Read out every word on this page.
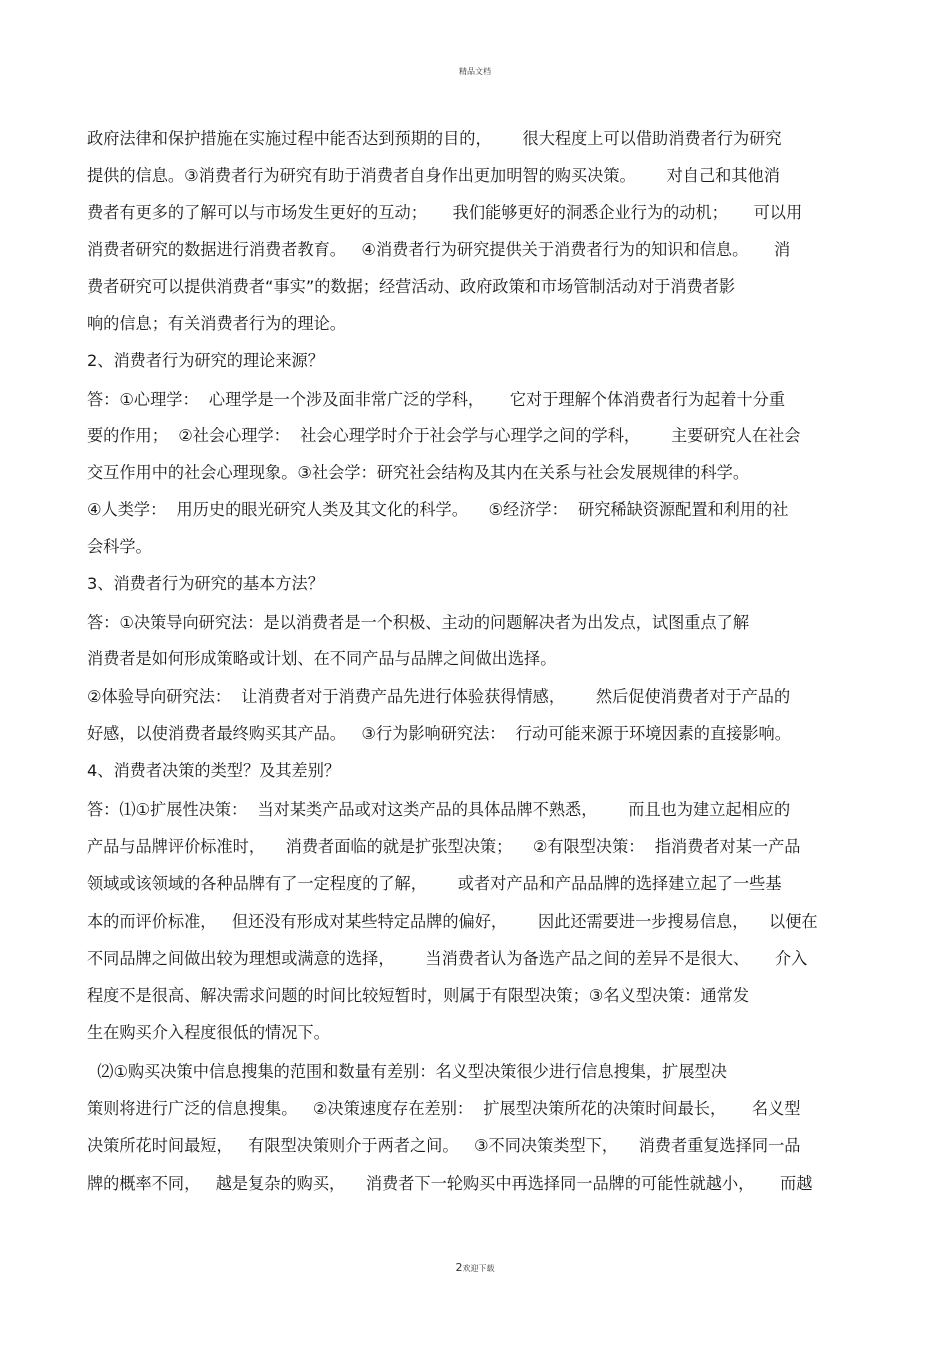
精品文档
政府法律和保护措施在实施过程中能否达到预期的目的，      很大程度上可以借助消费者行为研究
提供的信息。③消费者行为研究有助于消费者自身作出更加明智的购买决策。      对自己和其他消
费者有更多的了解可以与市场发生更好的互动；     我们能够更好的洞悉企业行为的动机；     可以用
消费者研究的数据进行消费者教育。   ④消费者行为研究提供关于消费者行为的知识和信息。     消
费者研究可以提供消费者“事实”的数据；经营活动、政府政策和市场管制活动对于消费者影
响的信息；有关消费者行为的理论。
2、消费者行为研究的理论来源？
答：①心理学：  心理学是一个涉及面非常广泛的学科，     它对于理解个体消费者行为起着十分重
要的作用；  ②社会心理学：  社会心理学时介于社会学与心理学之间的学科，      主要研究人在社会
交互作用中的社会心理现象。③社会学：研究社会结构及其内在关系与社会发展规律的科学。
④人类学：  用历史的眼光研究人类及其文化的科学。    ⑤经济学：  研究稀缺资源配置和利用的社
会科学。
3、消费者行为研究的基本方法？
答：①决策导向研究法：是以消费者是一个积极、主动的问题解决者为出发点，试图重点了解
消费者是如何形成策略或计划、在不同产品与品牌之间做出选择。
②体验导向研究法：  让消费者对于消费产品先进行体验获得情感，      然后促使消费者对于产品的
好感，以使消费者最终购买其产品。   ③行为影响研究法：  行动可能来源于环境因素的直接影响。
4、消费者决策的类型？及其差别？
答：⑴①扩展性决策：  当对某类产品或对这类产品的具体品牌不熟悉，      而且也为建立起相应的
产品与品牌评价标准时，    消费者面临的就是扩张型决策；    ②有限型决策：  指消费者对某一产品
领域或该领域的各种品牌有了一定程度的了解，      或者对产品和产品品牌的选择建立起了一些基
本的而评价标准，   但还没有形成对某些特定品牌的偏好，      因此还需要进一步搜易信息，    以便在
不同品牌之间做出较为理想或满意的选择，      当消费者认为备选产品之间的差异不是很大、     介入
程度不是很高、解决需求问题的时间比较短暂时，则属于有限型决策；③名义型决策：通常发
生在购买介入程度很低的情况下。
⑵①购买决策中信息搜集的范围和数量有差别：名义型决策很少进行信息搜集，扩展型决
策则将进行广泛的信息搜集。   ②决策速度存在差别：  扩展型决策所花的决策时间最长，     名义型
决策所花时间最短，   有限型决策则介于两者之间。   ③不同决策类型下，    消费者重复选择同一品
牌的概率不同，   越是复杂的购买，    消费者下一轮购买中再选择同一品牌的可能性就越小，     而越
2欢迎下载
